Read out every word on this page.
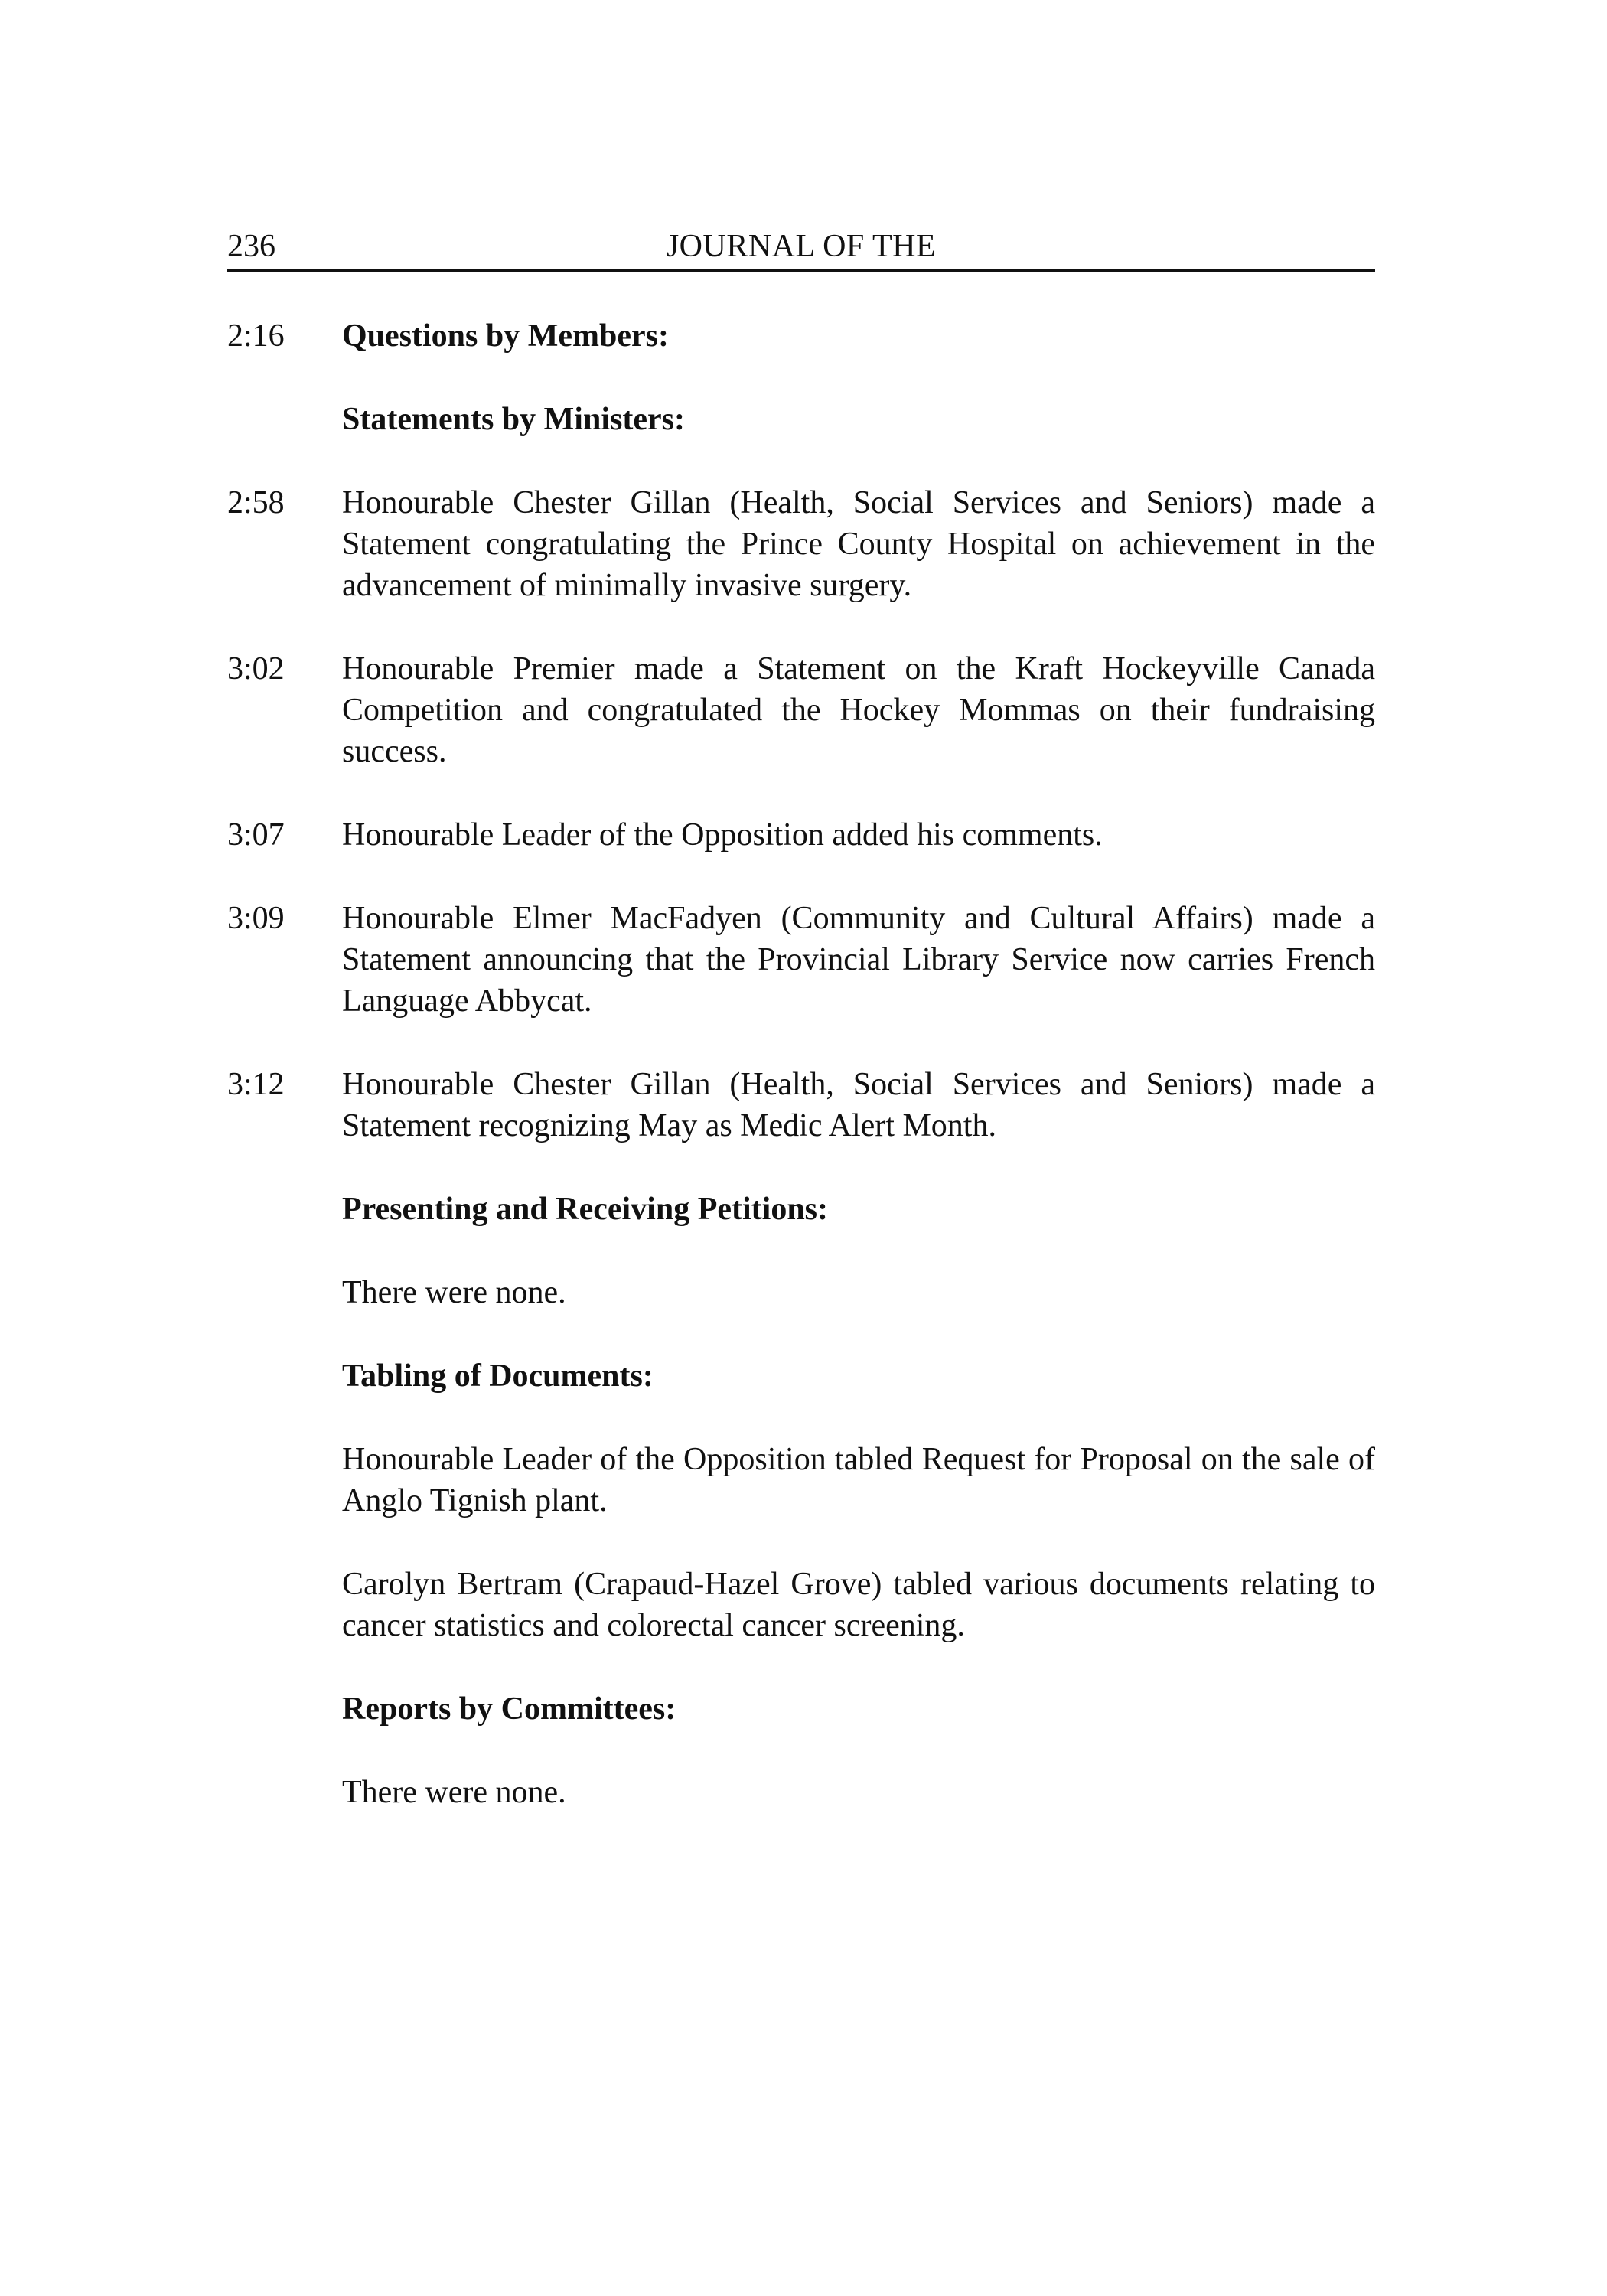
236	JOURNAL OF THE
2:16	Questions by Members:
Statements by Ministers:
2:58	Honourable Chester Gillan (Health, Social Services and Seniors) made a Statement congratulating the Prince County Hospital on achievement in the advancement of minimally invasive surgery.
3:02	Honourable Premier made a Statement on the Kraft Hockeyville Canada Competition and congratulated the Hockey Mommas on their fundraising success.
3:07	Honourable Leader of the Opposition added his comments.
3:09	Honourable Elmer MacFadyen (Community and Cultural Affairs) made a Statement announcing that the Provincial Library Service now carries French Language Abbycat.
3:12	Honourable Chester Gillan (Health, Social Services and Seniors) made a Statement recognizing May as Medic Alert Month.
Presenting and Receiving Petitions:
There were none.
Tabling of Documents:
Honourable Leader of the Opposition tabled Request for Proposal on the sale of Anglo Tignish plant.
Carolyn Bertram (Crapaud-Hazel Grove) tabled various documents relating to cancer statistics and colorectal cancer screening.
Reports by Committees:
There were none.
